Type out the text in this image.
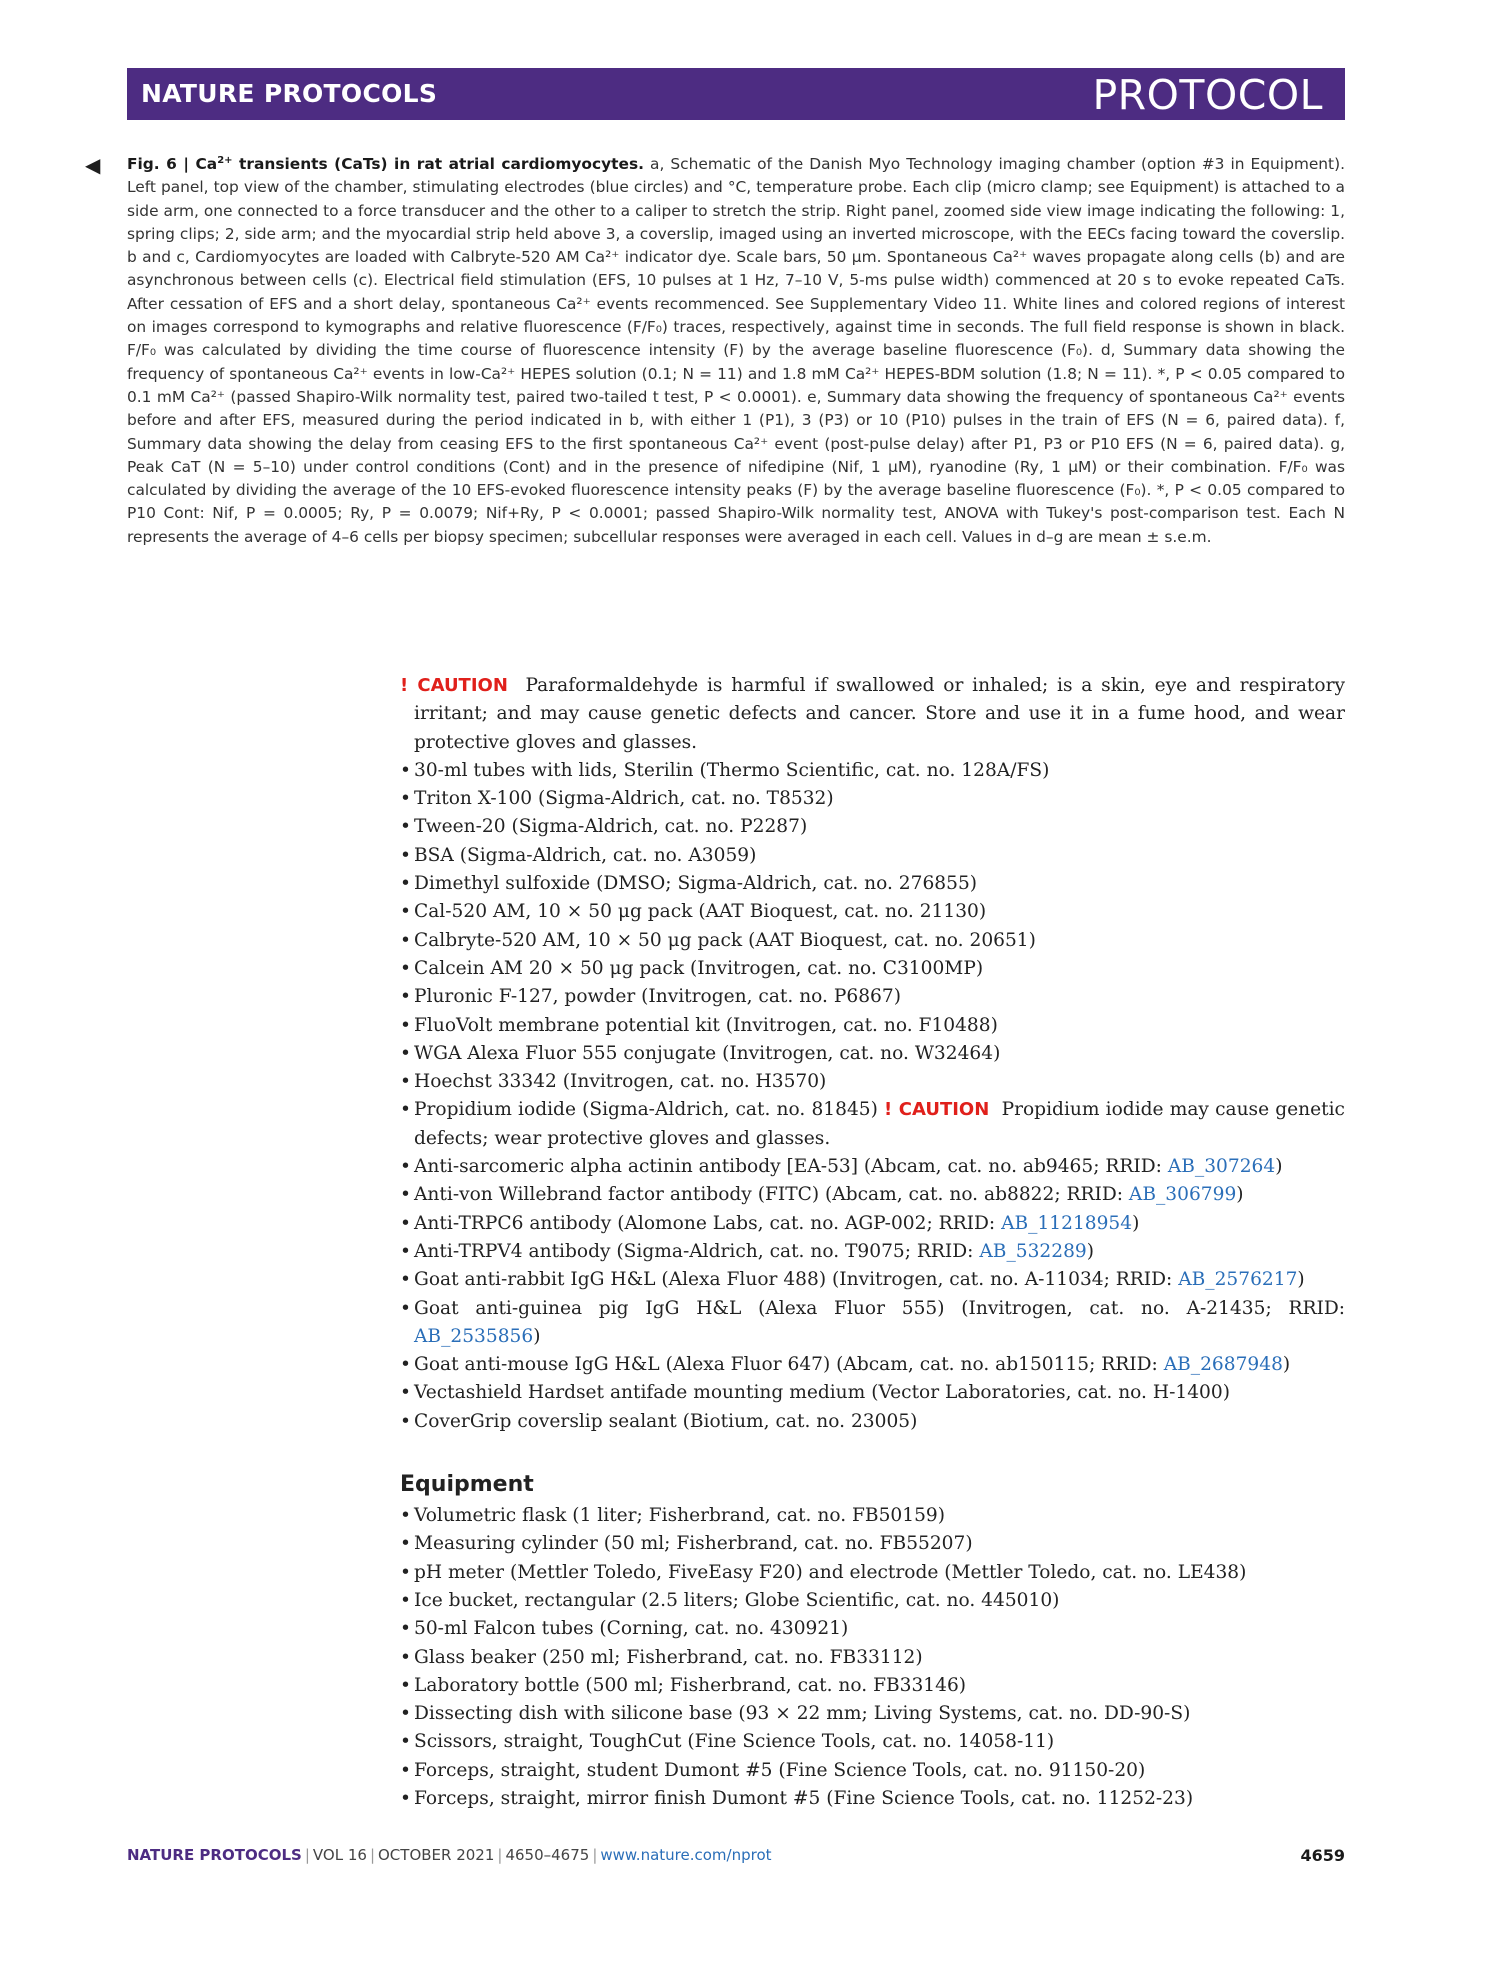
NATURE PROTOCOLS	PROTOCOL
◀ Fig. 6 | $Ca^{2+}$ transients (CaTs) in rat atrial cardiomyocytes. a, Schematic of the Danish Myo Technology imaging chamber (option #3 in Equipment). Left panel, top view of the chamber, stimulating electrodes (blue circles) and °C, temperature probe. Each clip (micro clamp; see Equipment) is attached to a side arm, one connected to a force transducer and the other to a caliper to stretch the strip. Right panel, zoomed side view image indicating the following: 1, spring clips; 2, side arm; and the myocardial strip held above 3, a coverslip, imaged using an inverted microscope, with the EECs facing toward the coverslip. b and c, Cardiomyocytes are loaded with Calbryte-520 AM Ca²⁺ indicator dye. Scale bars, 50 μm. Spontaneous Ca²⁺ waves propagate along cells (b) and are asynchronous between cells (c). Electrical field stimulation (EFS, 10 pulses at 1 Hz, 7–10 V, 5-ms pulse width) commenced at 20 s to evoke repeated CaTs. After cessation of EFS and a short delay, spontaneous Ca²⁺ events recommenced. See Supplementary Video 11. White lines and colored regions of interest on images correspond to kymographs and relative fluorescence (F/F₀) traces, respectively, against time in seconds. The full field response is shown in black. F/F₀ was calculated by dividing the time course of fluorescence intensity (F) by the average baseline fluorescence (F₀). d, Summary data showing the frequency of spontaneous Ca²⁺ events in low-Ca²⁺ HEPES solution (0.1; N = 11) and 1.8 mM Ca²⁺ HEPES-BDM solution (1.8; N = 11). *, P < 0.05 compared to 0.1 mM Ca²⁺ (passed Shapiro-Wilk normality test, paired two-tailed t test, P < 0.0001). e, Summary data showing the frequency of spontaneous Ca²⁺ events before and after EFS, measured during the period indicated in b, with either 1 (P1), 3 (P3) or 10 (P10) pulses in the train of EFS (N = 6, paired data). f, Summary data showing the delay from ceasing EFS to the first spontaneous Ca²⁺ event (post-pulse delay) after P1, P3 or P10 EFS (N = 6, paired data). g, Peak CaT (N = 5–10) under control conditions (Cont) and in the presence of nifedipine (Nif, 1 μM), ryanodine (Ry, 1 μM) or their combination. F/F₀ was calculated by dividing the average of the 10 EFS-evoked fluorescence intensity peaks (F) by the average baseline fluorescence (F₀). *, P < 0.05 compared to P10 Cont: Nif, P = 0.0005; Ry, P = 0.0079; Nif+Ry, P < 0.0001; passed Shapiro-Wilk normality test, ANOVA with Tukey's post-comparison test. Each N represents the average of 4–6 cells per biopsy specimen; subcellular responses were averaged in each cell. Values in d–g are mean ± s.e.m.
! CAUTION Paraformaldehyde is harmful if swallowed or inhaled; is a skin, eye and respiratory irritant; and may cause genetic defects and cancer. Store and use it in a fume hood, and wear protective gloves and glasses.
• 30-ml tubes with lids, Sterilin (Thermo Scientific, cat. no. 128A/FS)
• Triton X-100 (Sigma-Aldrich, cat. no. T8532)
• Tween-20 (Sigma-Aldrich, cat. no. P2287)
• BSA (Sigma-Aldrich, cat. no. A3059)
• Dimethyl sulfoxide (DMSO; Sigma-Aldrich, cat. no. 276855)
• Cal-520 AM, 10 × 50 μg pack (AAT Bioquest, cat. no. 21130)
• Calbryte-520 AM, 10 × 50 μg pack (AAT Bioquest, cat. no. 20651)
• Calcein AM 20 × 50 μg pack (Invitrogen, cat. no. C3100MP)
• Pluronic F-127, powder (Invitrogen, cat. no. P6867)
• FluoVolt membrane potential kit (Invitrogen, cat. no. F10488)
• WGA Alexa Fluor 555 conjugate (Invitrogen, cat. no. W32464)
• Hoechst 33342 (Invitrogen, cat. no. H3570)
• Propidium iodide (Sigma-Aldrich, cat. no. 81845) ! CAUTION Propidium iodide may cause genetic defects; wear protective gloves and glasses.
• Anti-sarcomeric alpha actinin antibody [EA-53] (Abcam, cat. no. ab9465; RRID: AB_307264)
• Anti-von Willebrand factor antibody (FITC) (Abcam, cat. no. ab8822; RRID: AB_306799)
• Anti-TRPC6 antibody (Alomone Labs, cat. no. AGP-002; RRID: AB_11218954)
• Anti-TRPV4 antibody (Sigma-Aldrich, cat. no. T9075; RRID: AB_532289)
• Goat anti-rabbit IgG H&L (Alexa Fluor 488) (Invitrogen, cat. no. A-11034; RRID: AB_2576217)
• Goat anti-guinea pig IgG H&L (Alexa Fluor 555) (Invitrogen, cat. no. A-21435; RRID: AB_2535856)
• Goat anti-mouse IgG H&L (Alexa Fluor 647) (Abcam, cat. no. ab150115; RRID: AB_2687948)
• Vectashield Hardset antifade mounting medium (Vector Laboratories, cat. no. H-1400)
• CoverGrip coverslip sealant (Biotium, cat. no. 23005)
Equipment
• Volumetric flask (1 liter; Fisherbrand, cat. no. FB50159)
• Measuring cylinder (50 ml; Fisherbrand, cat. no. FB55207)
• pH meter (Mettler Toledo, FiveEasy F20) and electrode (Mettler Toledo, cat. no. LE438)
• Ice bucket, rectangular (2.5 liters; Globe Scientific, cat. no. 445010)
• 50-ml Falcon tubes (Corning, cat. no. 430921)
• Glass beaker (250 ml; Fisherbrand, cat. no. FB33112)
• Laboratory bottle (500 ml; Fisherbrand, cat. no. FB33146)
• Dissecting dish with silicone base (93 × 22 mm; Living Systems, cat. no. DD-90-S)
• Scissors, straight, ToughCut (Fine Science Tools, cat. no. 14058-11)
• Forceps, straight, student Dumont #5 (Fine Science Tools, cat. no. 91150-20)
• Forceps, straight, mirror finish Dumont #5 (Fine Science Tools, cat. no. 11252-23)
NATURE PROTOCOLS | VOL 16 | OCTOBER 2021 | 4650–4675 | www.nature.com/nprot	4659
